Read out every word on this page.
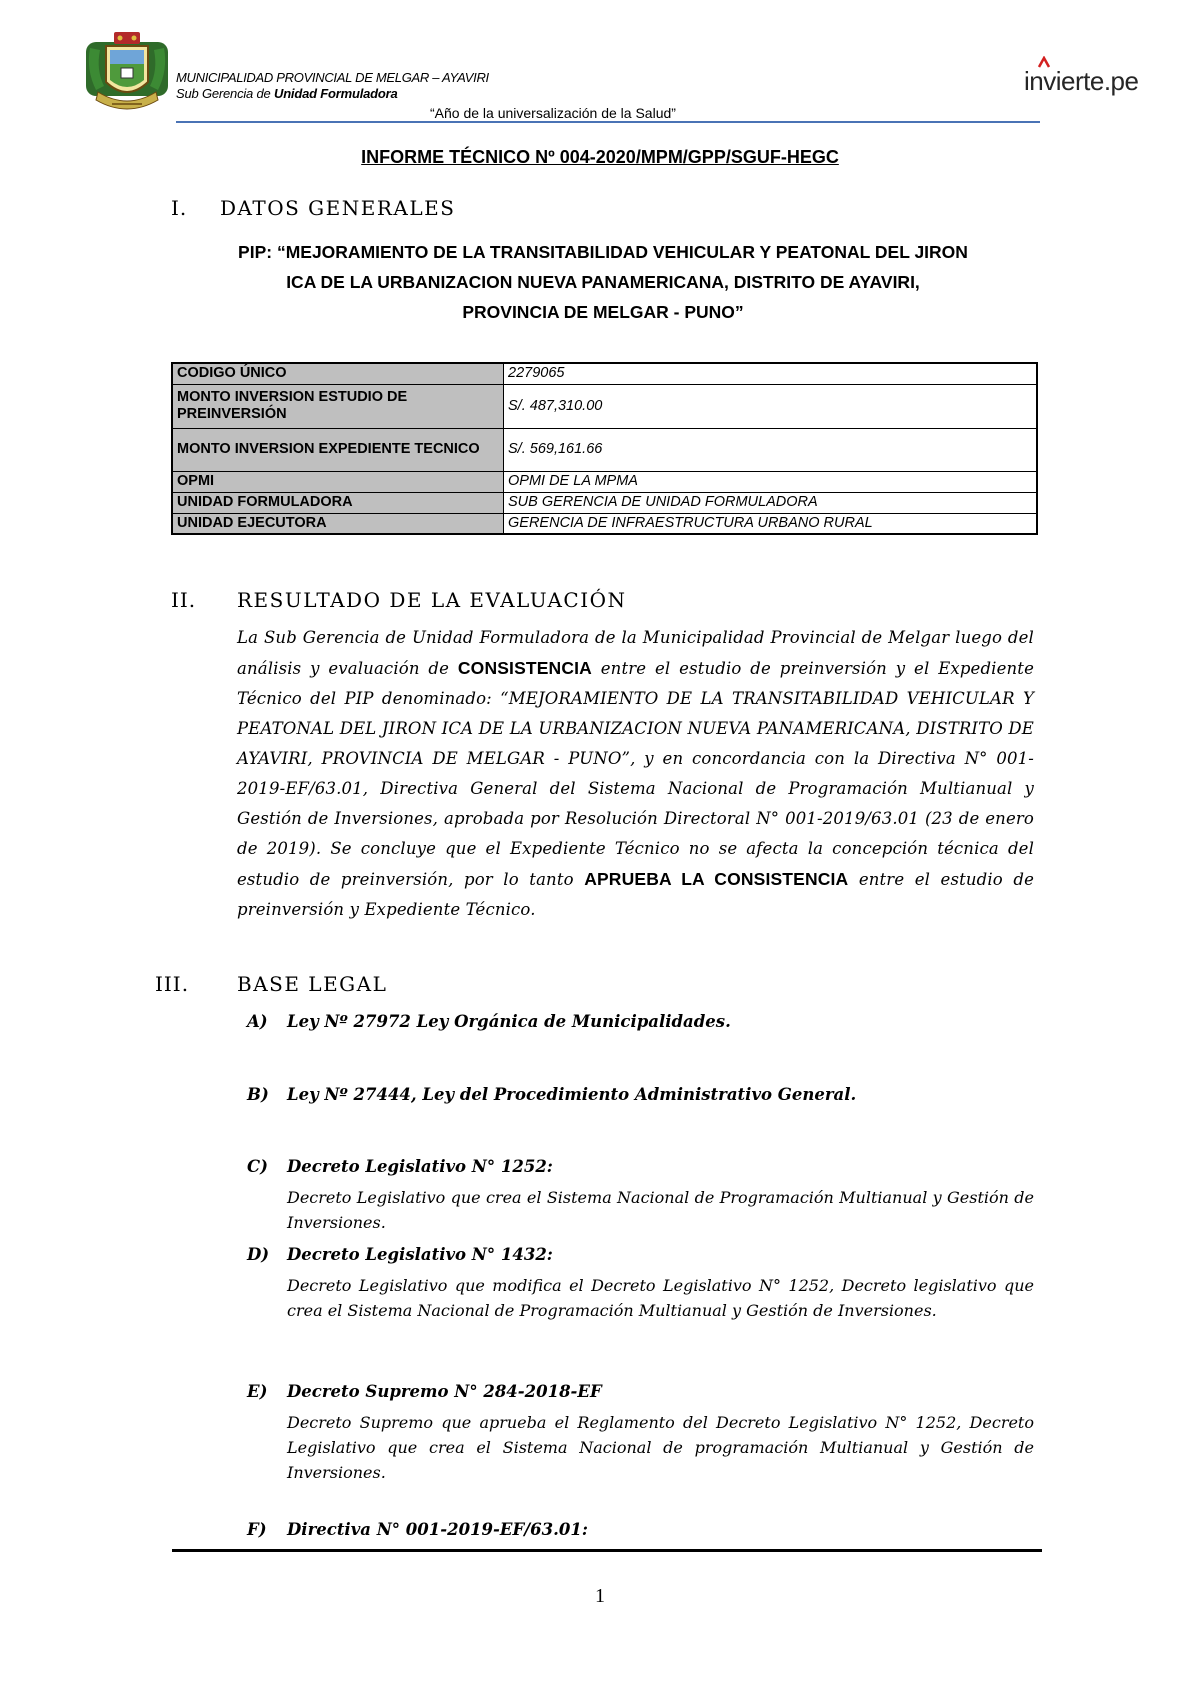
MUNICIPALIDAD PROVINCIAL DE MELGAR – AYAVIRI
Sub Gerencia de Unidad Formuladora
“Año de la universalización de la Salud”
invierte.pe
INFORME TÉCNICO Nº 004-2020/MPM/GPP/SGUF-HEGC
I. DATOS GENERALES
PIP: “MEJORAMIENTO DE LA TRANSITABILIDAD VEHICULAR Y PEATONAL DEL JIRON
ICA DE LA URBANIZACION NUEVA PANAMERICANA, DISTRITO DE AYAVIRI,
PROVINCIA DE MELGAR - PUNO”
CODIGO ÚNICO	2279065
MONTO INVERSION ESTUDIO DE PREINVERSIÓN	S/. 487,310.00
MONTO INVERSION EXPEDIENTE TECNICO	S/. 569,161.66
OPMI	OPMI DE LA MPMA
UNIDAD FORMULADORA	SUB GERENCIA DE UNIDAD FORMULADORA
UNIDAD EJECUTORA	GERENCIA DE INFRAESTRUCTURA URBANO RURAL
II. RESULTADO DE LA EVALUACIÓN
La Sub Gerencia de Unidad Formuladora de la Municipalidad Provincial de Melgar luego del análisis y evaluación de CONSISTENCIA entre el estudio de preinversión y el Expediente Técnico del PIP denominado: “MEJORAMIENTO DE LA TRANSITABILIDAD VEHICULAR Y PEATONAL DEL JIRON ICA DE LA URBANIZACION NUEVA PANAMERICANA, DISTRITO DE AYAVIRI, PROVINCIA DE MELGAR - PUNO”, y en concordancia con la Directiva N° 001-2019-EF/63.01, Directiva General del Sistema Nacional de Programación Multianual y Gestión de Inversiones, aprobada por Resolución Directoral N° 001-2019/63.01 (23 de enero de 2019). Se concluye que el Expediente Técnico no se afecta la concepción técnica del estudio de preinversión, por lo tanto APRUEBA LA CONSISTENCIA entre el estudio de preinversión y Expediente Técnico.
III. BASE LEGAL
A) Ley Nº 27972 Ley Orgánica de Municipalidades.
B) Ley Nº 27444, Ley del Procedimiento Administrativo General.
C) Decreto Legislativo N° 1252:
Decreto Legislativo que crea el Sistema Nacional de Programación Multianual y Gestión de Inversiones.
D) Decreto Legislativo N° 1432:
Decreto Legislativo que modifica el Decreto Legislativo N° 1252, Decreto legislativo que crea el Sistema Nacional de Programación Multianual y Gestión de Inversiones.
E) Decreto Supremo N° 284-2018-EF
Decreto Supremo que aprueba el Reglamento del Decreto Legislativo N° 1252, Decreto Legislativo que crea el Sistema Nacional de programación Multianual y Gestión de Inversiones.
F) Directiva N° 001-2019-EF/63.01:
1
